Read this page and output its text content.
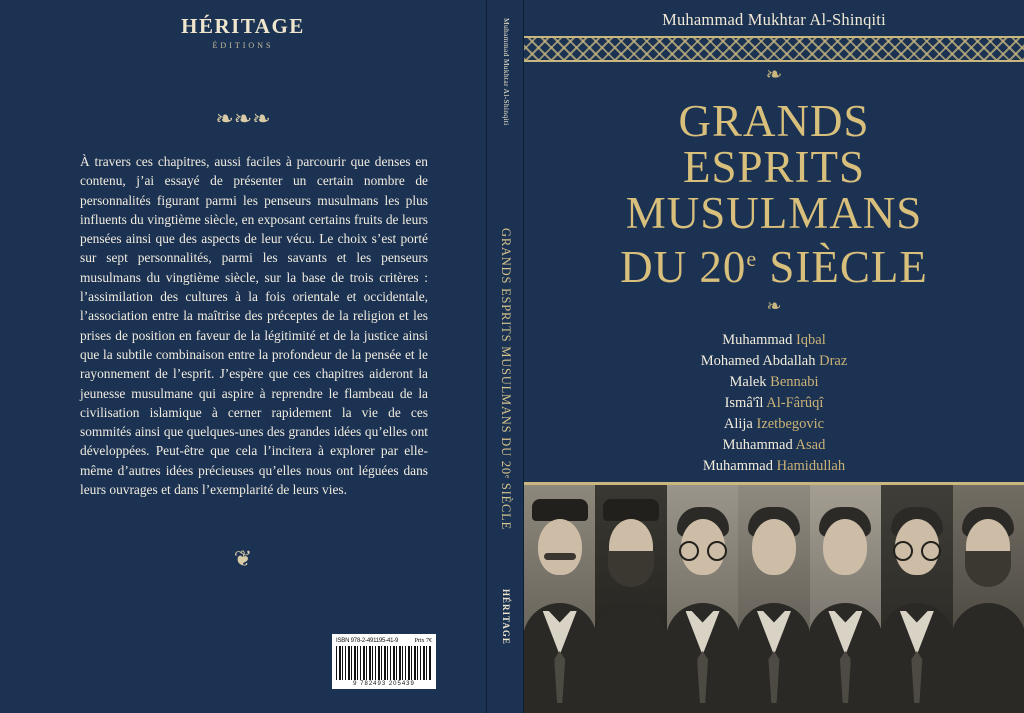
HÉRITAGE
ÉDITIONS
❧❧❧
À travers ces chapitres, aussi faciles à parcourir que denses en contenu, j’ai essayé de présenter un certain nombre de personnalités figurant parmi les penseurs musulmans les plus influents du vingtième siècle, en exposant certains fruits de leurs pensées ainsi que des aspects de leur vécu. Le choix s’est porté sur sept personnalités, parmi les savants et les penseurs musulmans du vingtième siècle, sur la base de trois critères : l’assimilation des cultures à la fois orientale et occidentale, l’association entre la maîtrise des préceptes de la religion et les prises de position en faveur de la légitimité et de la justice ainsi que la subtile combinaison entre la profondeur de la pensée et le rayonnement de l’esprit. J’espère que ces chapitres aideront la jeunesse musulmane qui aspire à reprendre le flambeau de la civilisation islamique à cerner rapidement la vie de ces sommités ainsi que quelques-unes des grandes idées qu’elles ont développées. Peut-être que cela l’incitera à explorer par elle-même d’autres idées précieuses qu’elles nous ont léguées dans leurs ouvrages et dans l’exemplarité de leurs vies.
❦
ISBN 978-2-491195-41-9 Prix 7€
9 782493 205439
Muhammad Mukhtar Al-Shinqiti
GRANDS ESPRITS MUSULMANS DU 20ᵉ SIÈCLE
HÉRITAGE
Muhammad Mukhtar Al-Shinqiti
❧
GRANDS
ESPRITS
MUSULMANS
DU 20e SIÈCLE
❧
Muhammad Iqbal
Mohamed Abdallah Draz
Malek Bennabi
Ismâ'îl Al-Fârûqî
Alija Izetbegovic
Muhammad Asad
Muhammad Hamidullah
